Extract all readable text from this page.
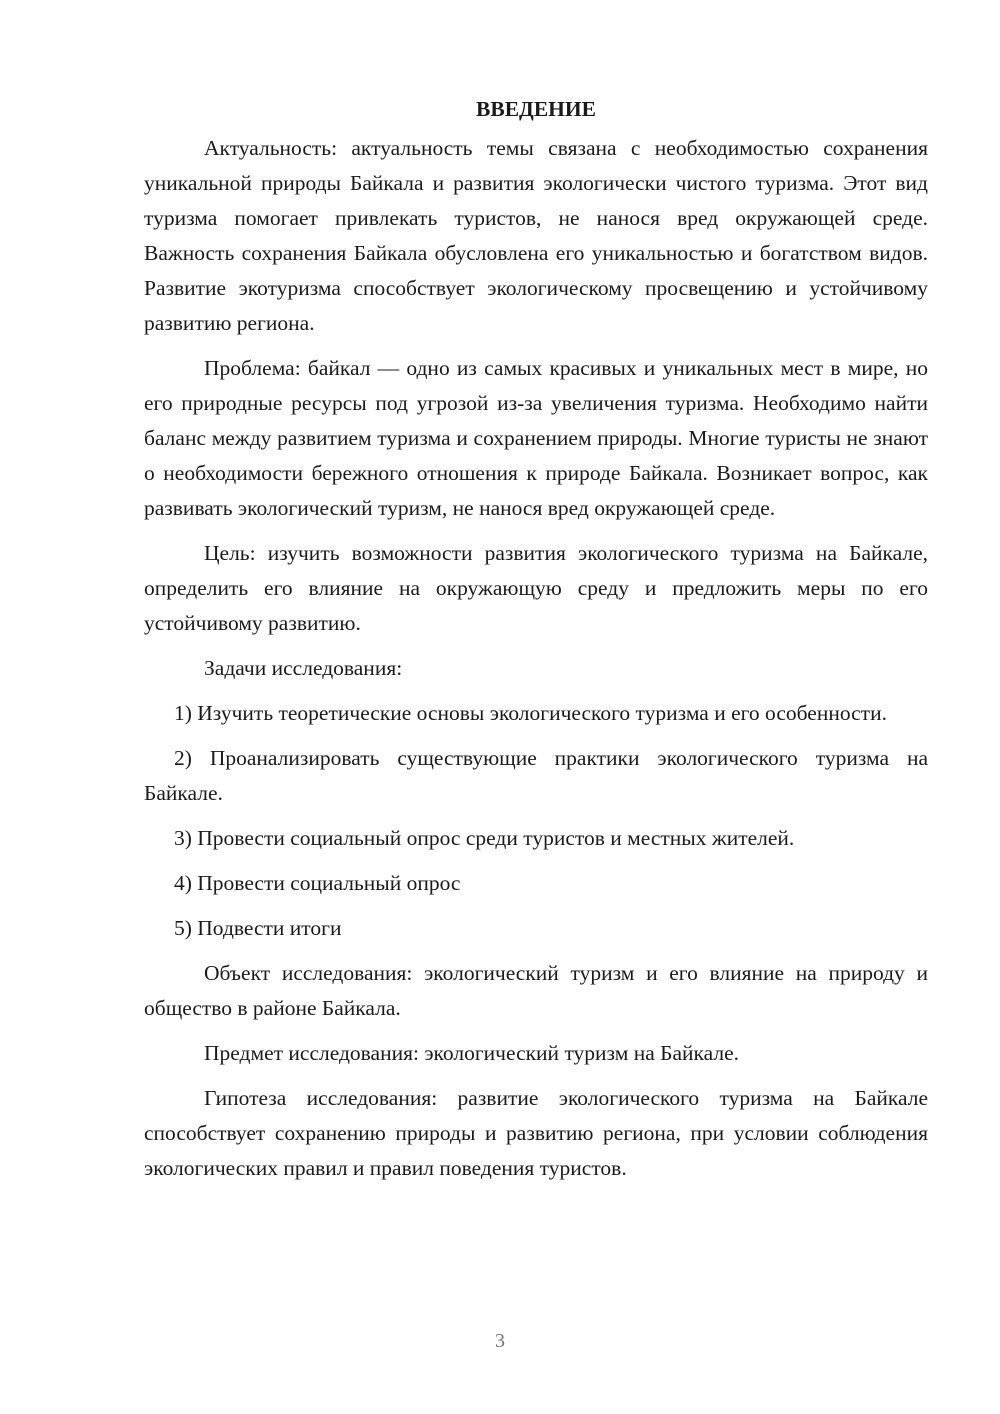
ВВЕДЕНИЕ

Актуальность: актуальность темы связана с необходимостью сохранения уникальной природы Байкала и развития экологически чистого туризма. Этот вид туризма помогает привлекать туристов, не нанося вред окружающей среде. Важность сохранения Байкала обусловлена его уникальностью и богатством видов. Развитие экотуризма способствует экологическому просвещению и устойчивому развитию региона.

Проблема: байкал — одно из самых красивых и уникальных мест в мире, но его природные ресурсы под угрозой из-за увеличения туризма. Необходимо найти баланс между развитием туризма и сохранением природы. Многие туристы не знают о необходимости бережного отношения к природе Байкала. Возникает вопрос, как развивать экологический туризм, не нанося вред окружающей среде.

Цель: изучить возможности развития экологического туризма на Байкале, определить его влияние на окружающую среду и предложить меры по его устойчивому развитию.

Задачи исследования:

1) Изучить теоретические основы экологического туризма и его особенности.

2) Проанализировать существующие практики экологического туризма на Байкале.

3) Провести социальный опрос среди туристов и местных жителей.

4) Провести социальный опрос

5) Подвести итоги

Объект исследования: экологический туризм и его влияние на природу и общество в районе Байкала.

Предмет исследования: экологический туризм на Байкале.

Гипотеза исследования: развитие экологического туризма на Байкале способствует сохранению природы и развитию региона, при условии соблюдения экологических правил и правил поведения туристов.

3
